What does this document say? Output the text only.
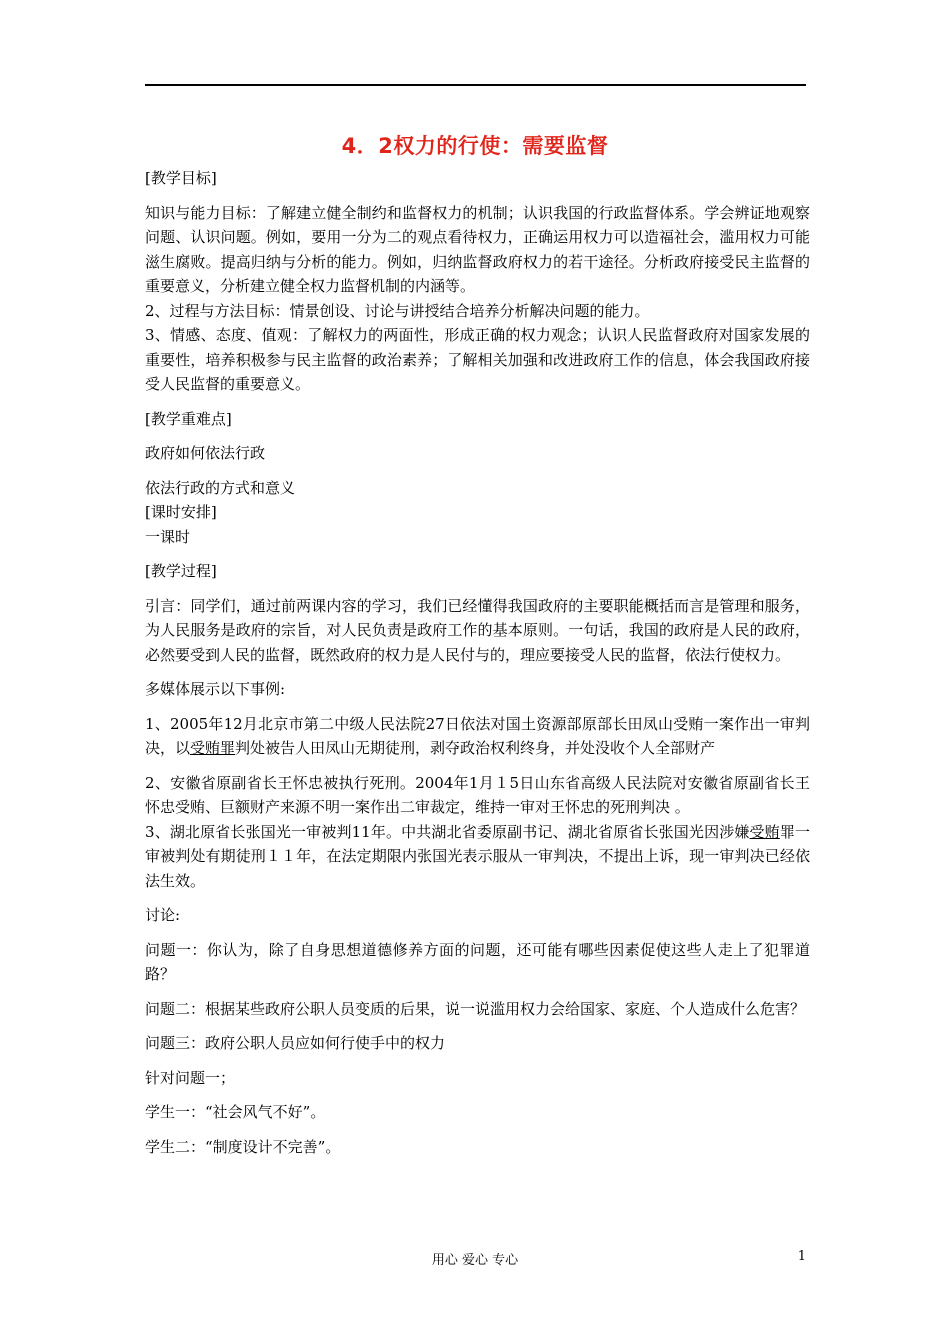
4．2权力的行使：需要监督

[教学目标]

知识与能力目标：了解建立健全制约和监督权力的机制；认识我国的行政监督体系。学会辨证地观察问题、认识问题。例如，要用一分为二的观点看待权力，正确运用权力可以造福社会，滥用权力可能滋生腐败。提高归纳与分析的能力。例如，归纳监督政府权力的若干途径。分析政府接受民主监督的重要意义，分析建立健全权力监督机制的内涵等。

2、过程与方法目标：情景创设、讨论与讲授结合培养分析解决问题的能力。

3、情感、态度、值观：了解权力的两面性，形成正确的权力观念；认识人民监督政府对国家发展的重要性，培养积极参与民主监督的政治素养；了解相关加强和改进政府工作的信息，体会我国政府接受人民监督的重要意义。

[教学重难点]

政府如何依法行政

依法行政的方式和意义

[课时安排]

一课时

[教学过程]

引言：同学们，通过前两课内容的学习，我们已经懂得我国政府的主要职能概括而言是管理和服务，为人民服务是政府的宗旨，对人民负责是政府工作的基本原则。一句话，我国的政府是人民的政府，必然要受到人民的监督，既然政府的权力是人民付与的，理应要接受人民的监督，依法行使权力。

多媒体展示以下事例:

1、2005年12月北京市第二中级人民法院27日依法对国土资源部原部长田凤山受贿一案作出一审判决，以受贿罪判处被告人田凤山无期徒刑，剥夺政治权利终身，并处没收个人全部财产

2、安徽省原副省长王怀忠被执行死刑。2004年1月１5日山东省高级人民法院对安徽省原副省长王怀忠受贿、巨额财产来源不明一案作出二审裁定，维持一审对王怀忠的死刑判决 。

3、湖北原省长张国光一审被判11年。中共湖北省委原副书记、湖北省原省长张国光因涉嫌受贿罪一审被判处有期徒刑１１年，在法定期限内张国光表示服从一审判决，不提出上诉，现一审判决已经依法生效。

讨论:

问题一：你认为，除了自身思想道德修养方面的问题，还可能有哪些因素促使这些人走上了犯罪道路？

问题二：根据某些政府公职人员变质的后果，说一说滥用权力会给国家、家庭、个人造成什么危害？

问题三：政府公职人员应如何行使手中的权力

针对问题一；

学生一：“社会风气不好”。

学生二：“制度设计不完善”。

用心 爱心 专心	1
